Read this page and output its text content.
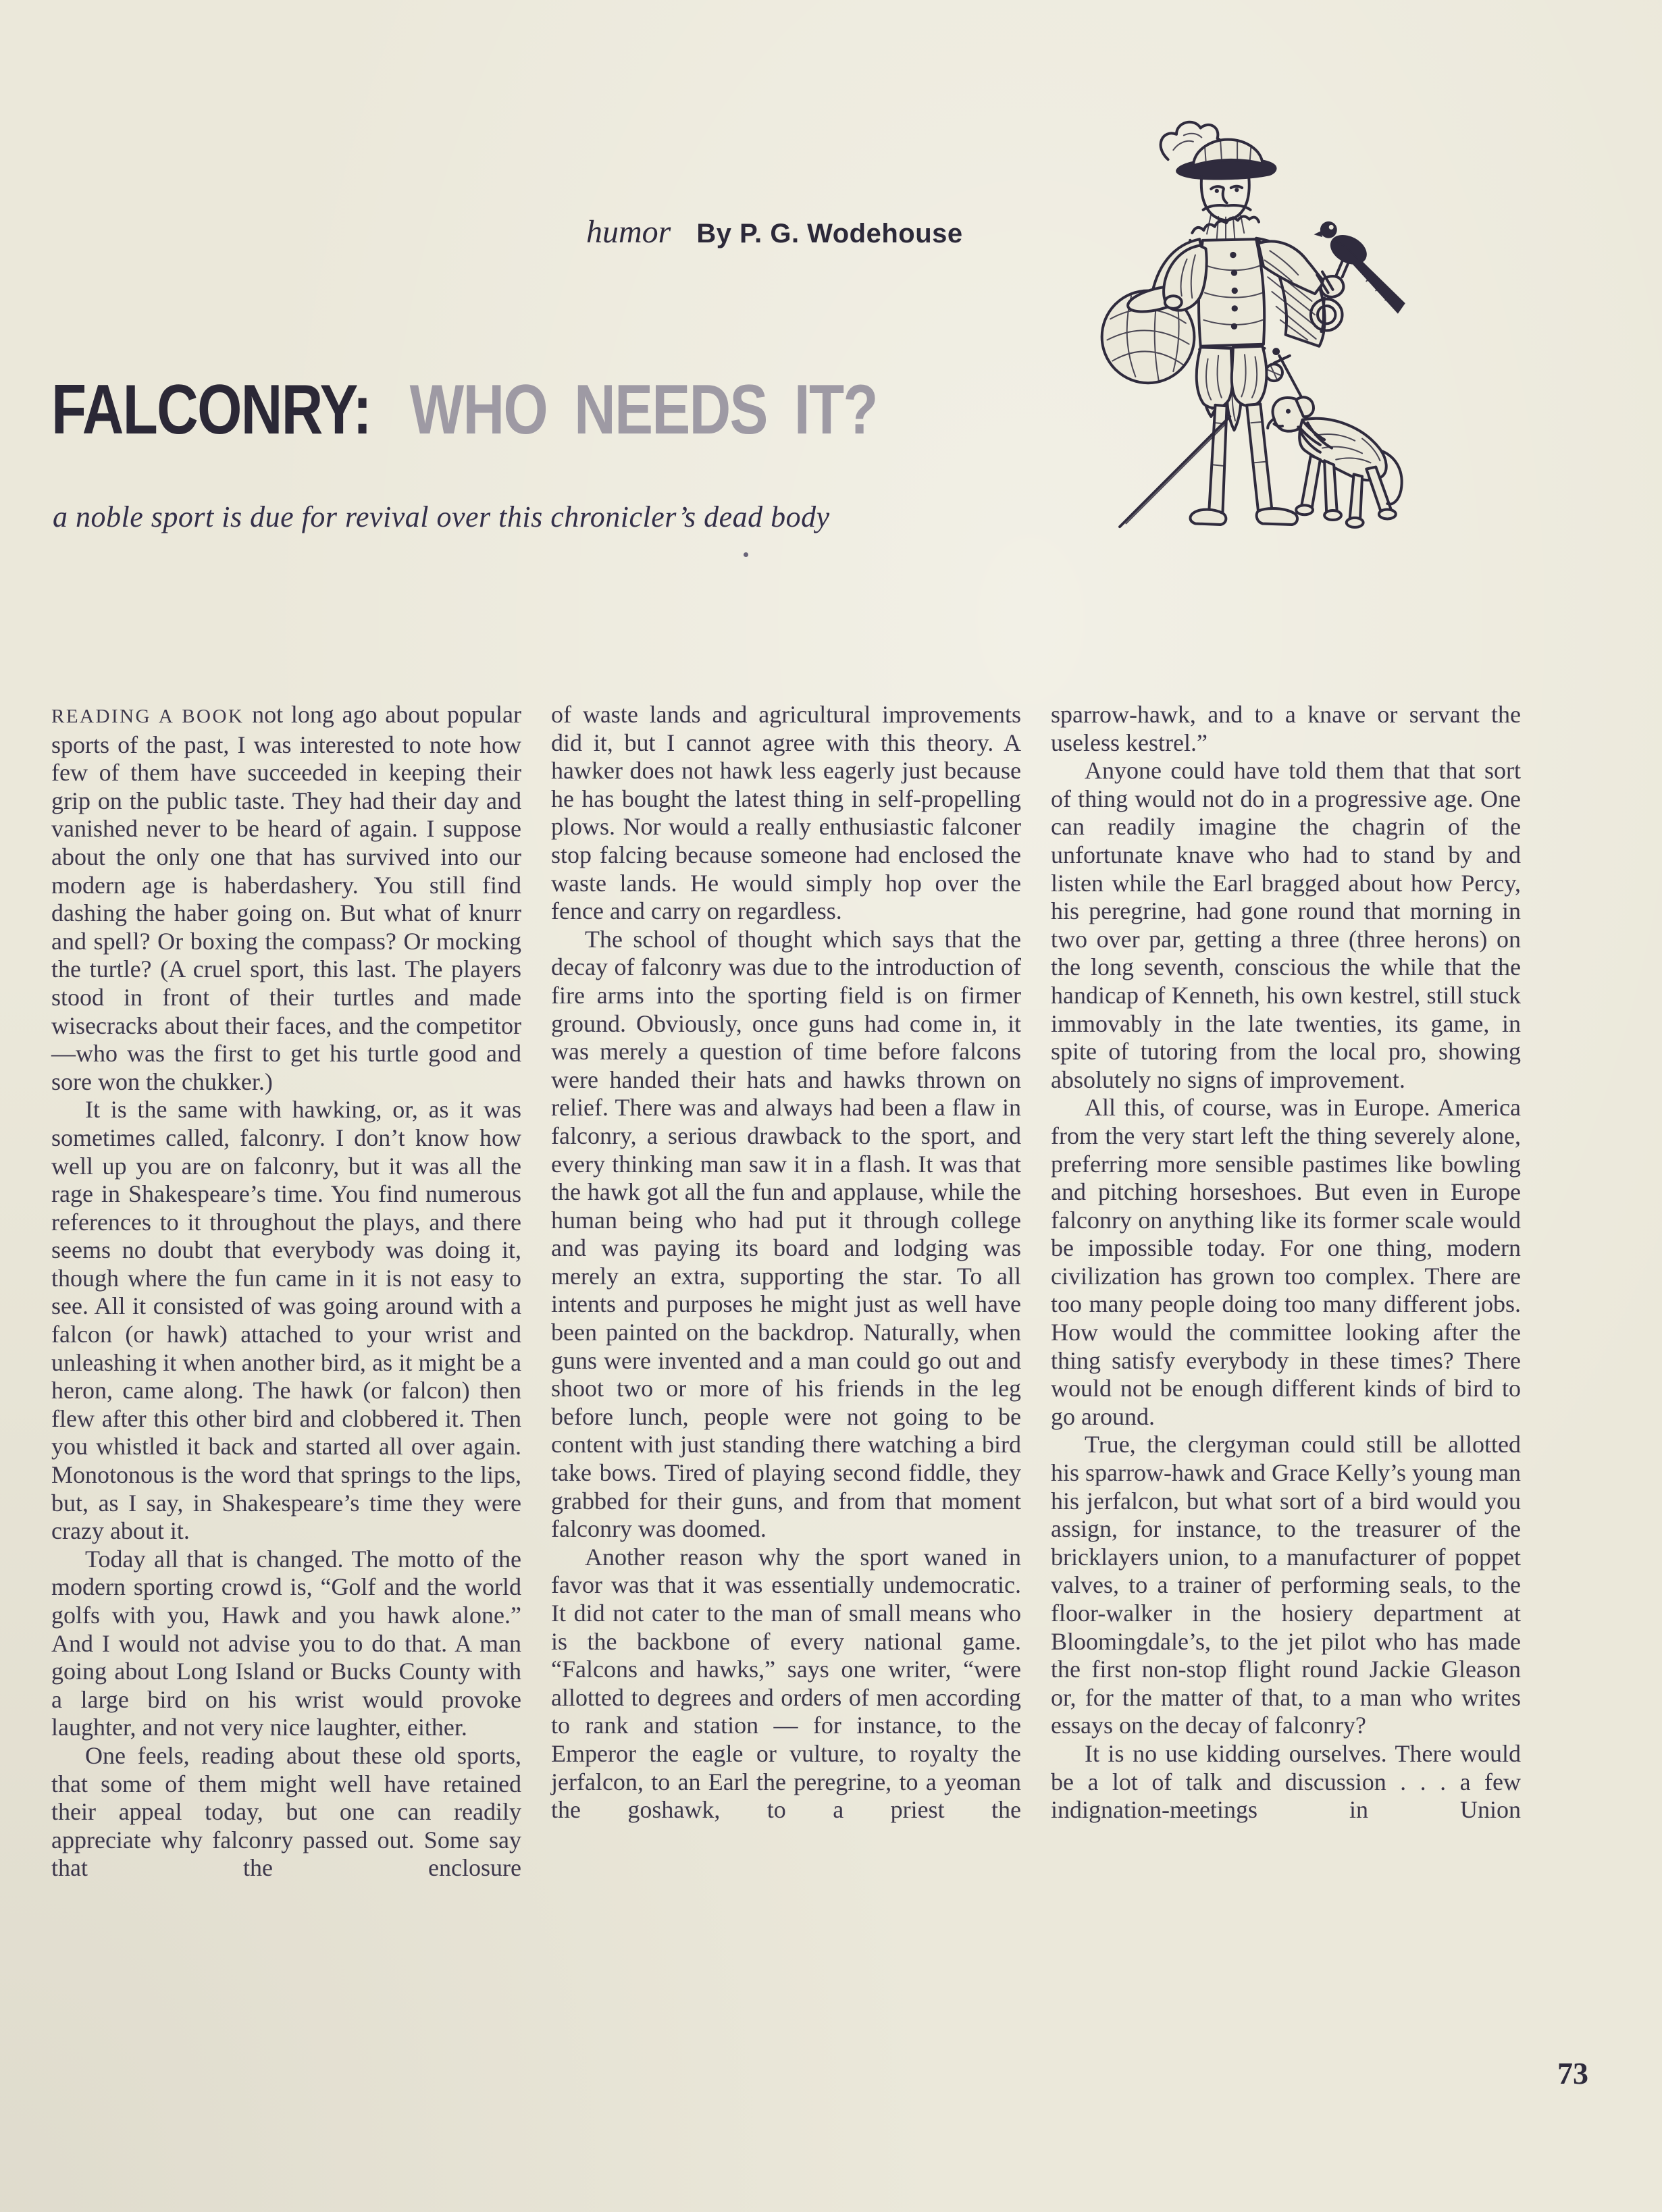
humor By P. G. Wodehouse
FALCONRY: WHO NEEDS IT?
a noble sport is due for revival over this chronicler’s dead body

READING A BOOK not long ago about popular sports of the past, I was interested to note how few of them have succeeded in keeping their grip on the public taste. They had their day and vanished never to be heard of again. I suppose about the only one that has survived into our modern age is haberdashery. You still find dashing the haber going on. But what of knurr and spell? Or boxing the compass? Or mocking the turtle? (A cruel sport, this last. The players stood in front of their turtles and made wisecracks about their faces, and the competitor—who was the first to get his turtle good and sore won the chukker.)

It is the same with hawking, or, as it was sometimes called, falconry. I don’t know how well up you are on falconry, but it was all the rage in Shakespeare’s time. You find numerous references to it throughout the plays, and there seems no doubt that everybody was doing it, though where the fun came in it is not easy to see. All it consisted of was going around with a falcon (or hawk) attached to your wrist and unleashing it when another bird, as it might be a heron, came along. The hawk (or falcon) then flew after this other bird and clobbered it. Then you whistled it back and started all over again. Monotonous is the word that springs to the lips, but, as I say, in Shakespeare’s time they were crazy about it.

Today all that is changed. The motto of the modern sporting crowd is, “Golf and the world golfs with you, Hawk and you hawk alone.” And I would not advise you to do that. A man going about Long Island or Bucks County with a large bird on his wrist would provoke laughter, and not very nice laughter, either.

One feels, reading about these old sports, that some of them might well have retained their appeal today, but one can readily appreciate why falconry passed out. Some say that the enclosure

of waste lands and agricultural improvements did it, but I cannot agree with this theory. A hawker does not hawk less eagerly just because he has bought the latest thing in self-propelling plows. Nor would a really enthusiastic falconer stop falcing because someone had enclosed the waste lands. He would simply hop over the fence and carry on regardless.

The school of thought which says that the decay of falconry was due to the introduction of fire arms into the sporting field is on firmer ground. Obviously, once guns had come in, it was merely a question of time before falcons were handed their hats and hawks thrown on relief. There was and always had been a flaw in falconry, a serious drawback to the sport, and every thinking man saw it in a flash. It was that the hawk got all the fun and applause, while the human being who had put it through college and was paying its board and lodging was merely an extra, supporting the star. To all intents and purposes he might just as well have been painted on the backdrop. Naturally, when guns were invented and a man could go out and shoot two or more of his friends in the leg before lunch, people were not going to be content with just standing there watching a bird take bows. Tired of playing second fiddle, they grabbed for their guns, and from that moment falconry was doomed.

Another reason why the sport waned in favor was that it was essentially undemocratic. It did not cater to the man of small means who is the backbone of every national game. “Falcons and hawks,” says one writer, “were allotted to degrees and orders of men according to rank and station — for instance, to the Emperor the eagle or vulture, to royalty the jerfalcon, to an Earl the peregrine, to a yeoman the goshawk, to a priest the

sparrow-hawk, and to a knave or servant the useless kestrel.”

Anyone could have told them that that sort of thing would not do in a progressive age. One can readily imagine the chagrin of the unfortunate knave who had to stand by and listen while the Earl bragged about how Percy, his peregrine, had gone round that morning in two over par, getting a three (three herons) on the long seventh, conscious the while that the handicap of Kenneth, his own kestrel, still stuck immovably in the late twenties, its game, in spite of tutoring from the local pro, showing absolutely no signs of improvement.

All this, of course, was in Europe. America from the very start left the thing severely alone, preferring more sensible pastimes like bowling and pitching horseshoes. But even in Europe falconry on anything like its former scale would be impossible today. For one thing, modern civilization has grown too complex. There are too many people doing too many different jobs. How would the committee looking after the thing satisfy everybody in these times? There would not be enough different kinds of bird to go around.

True, the clergyman could still be allotted his sparrow-hawk and Grace Kelly’s young man his jerfalcon, but what sort of a bird would you assign, for instance, to the treasurer of the bricklayers union, to a manufacturer of poppet valves, to a trainer of performing seals, to the floor-walker in the hosiery department at Bloomingdale’s, to the jet pilot who has made the first non-stop flight round Jackie Gleason or, for the matter of that, to a man who writes essays on the decay of falconry?

It is no use kidding ourselves. There would be a lot of talk and discussion . . . a few indignation-meetings in Union

73
